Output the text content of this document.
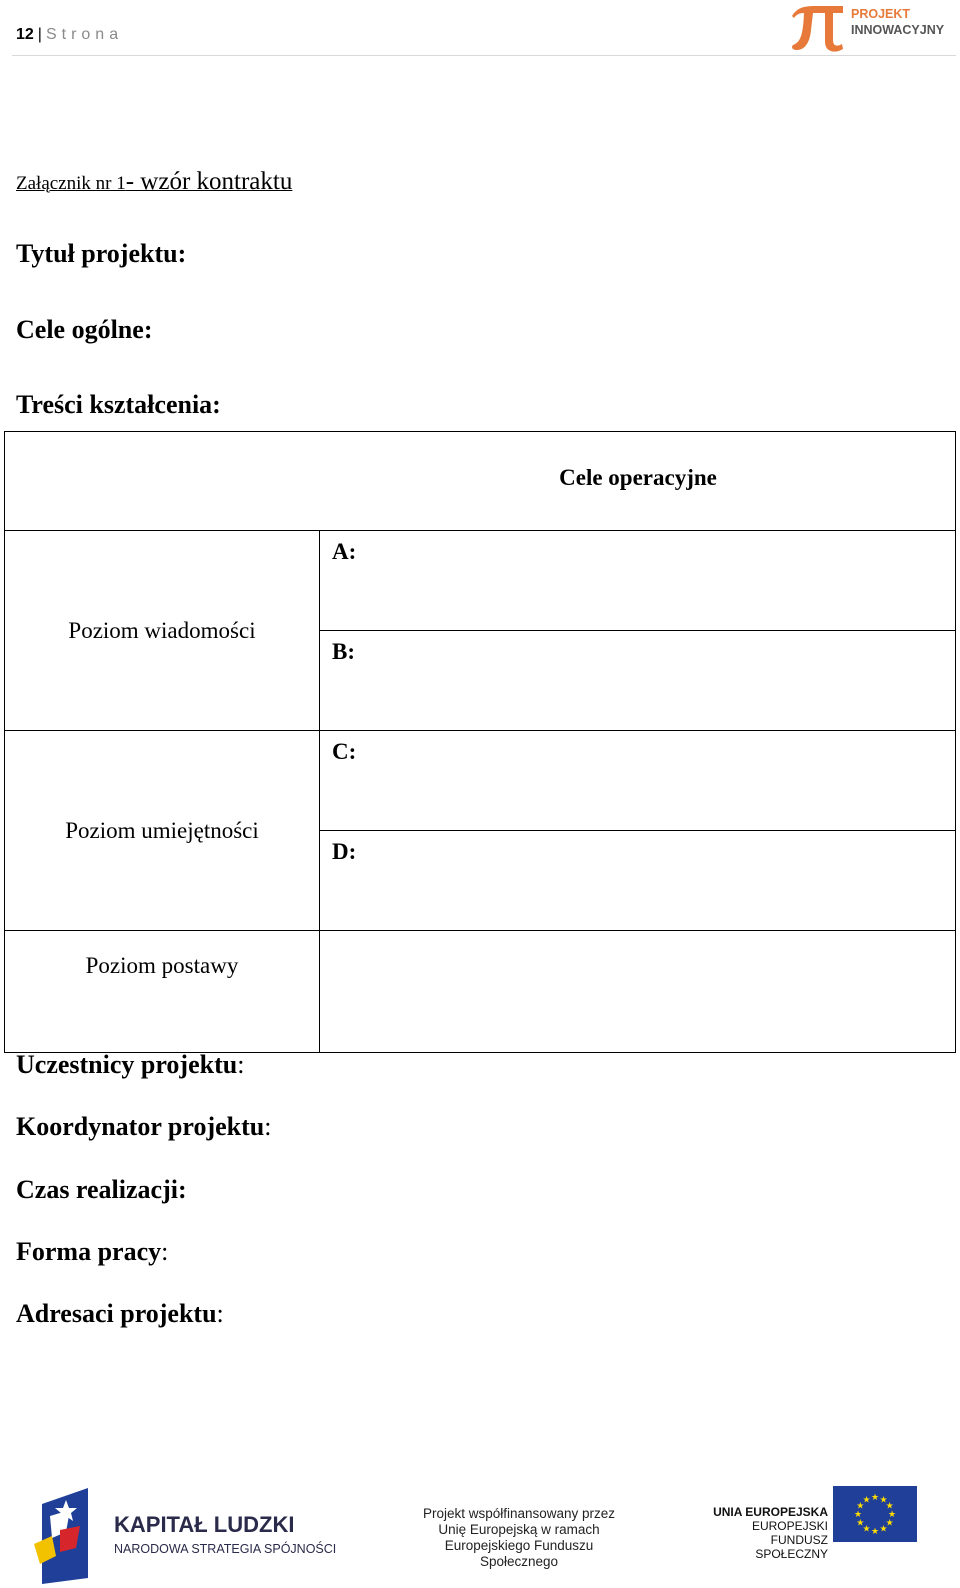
12 | Strona
PROJEKT
INNOWACYJNY
Załącznik nr 1- wzór kontraktu
Tytuł projektu:
Cele ogólne:
Treści kształcenia:
Cele operacyjne	
Poziom wiadomości	A:
	B:
Poziom umiejętności	C:
	D:
Poziom postawy	
Uczestnicy projektu:
Koordynator projektu:
Czas realizacji:
Forma pracy:
Adresaci projektu:
KAPITAŁ LUDZKI
NARODOWA STRATEGIA SPÓJNOŚCI
Projekt współfinansowany przez
Unię Europejską w ramach
Europejskiego Funduszu Społecznego
UNIA EUROPEJSKA
EUROPEJSKI
FUNDUSZ SPOŁECZNY
★ ★
★
★
★
★
★
★
★
★
★
★
